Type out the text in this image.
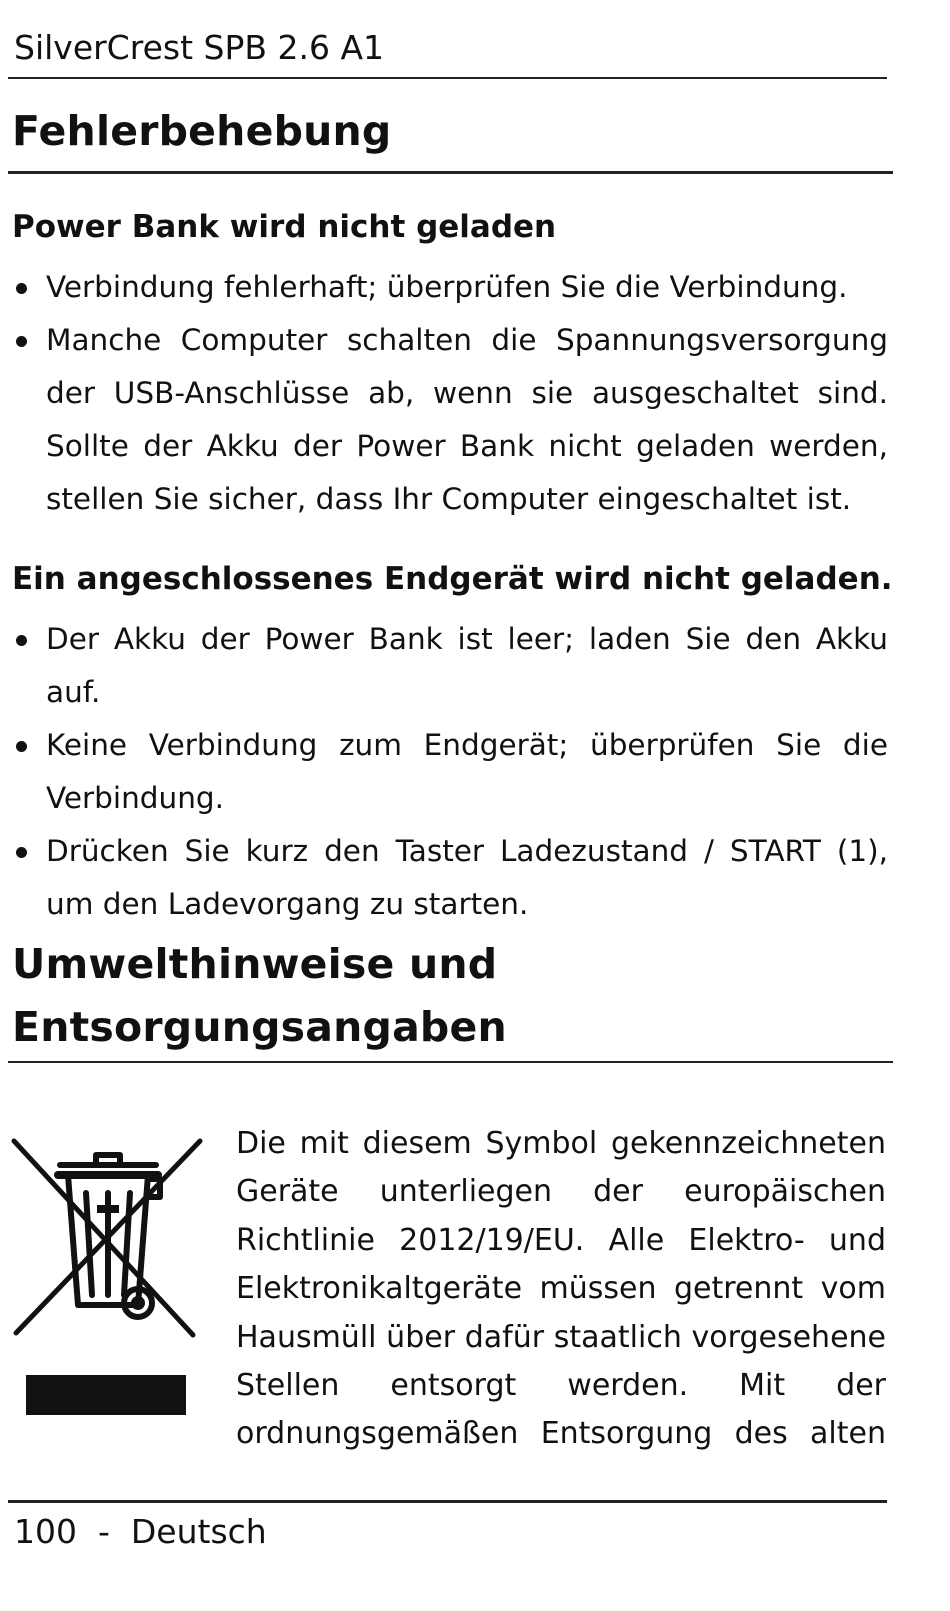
SilverCrest SPB 2.6 A1
Fehlerbehebung
Power Bank wird nicht geladen
Verbindung fehlerhaft; überprüfen Sie die Verbindung.
Manche Computer schalten die Spannungsversorgung der USB-Anschlüsse ab, wenn sie ausgeschaltet sind. Sollte der Akku der Power Bank nicht geladen werden, stellen Sie sicher, dass Ihr Computer eingeschaltet ist.
Ein angeschlossenes Endgerät wird nicht geladen.
Der Akku der Power Bank ist leer; laden Sie den Akku auf.
Keine Verbindung zum Endgerät; überprüfen Sie die Verbindung.
Drücken Sie kurz den Taster Ladezustand / START (1), um den Ladevorgang zu starten.
Umwelthinweise und
Entsorgungsangaben

Die mit diesem Symbol gekennzeichneten Geräte unterliegen der europäischen Richtlinie 2012/19/EU. Alle Elektro- und Elektronikaltgeräte müssen getrennt vom Hausmüll über dafür staatlich vorgesehene Stellen entsorgt werden. Mit der ordnungsgemäßen Entsorgung des alten

100 - Deutsch
